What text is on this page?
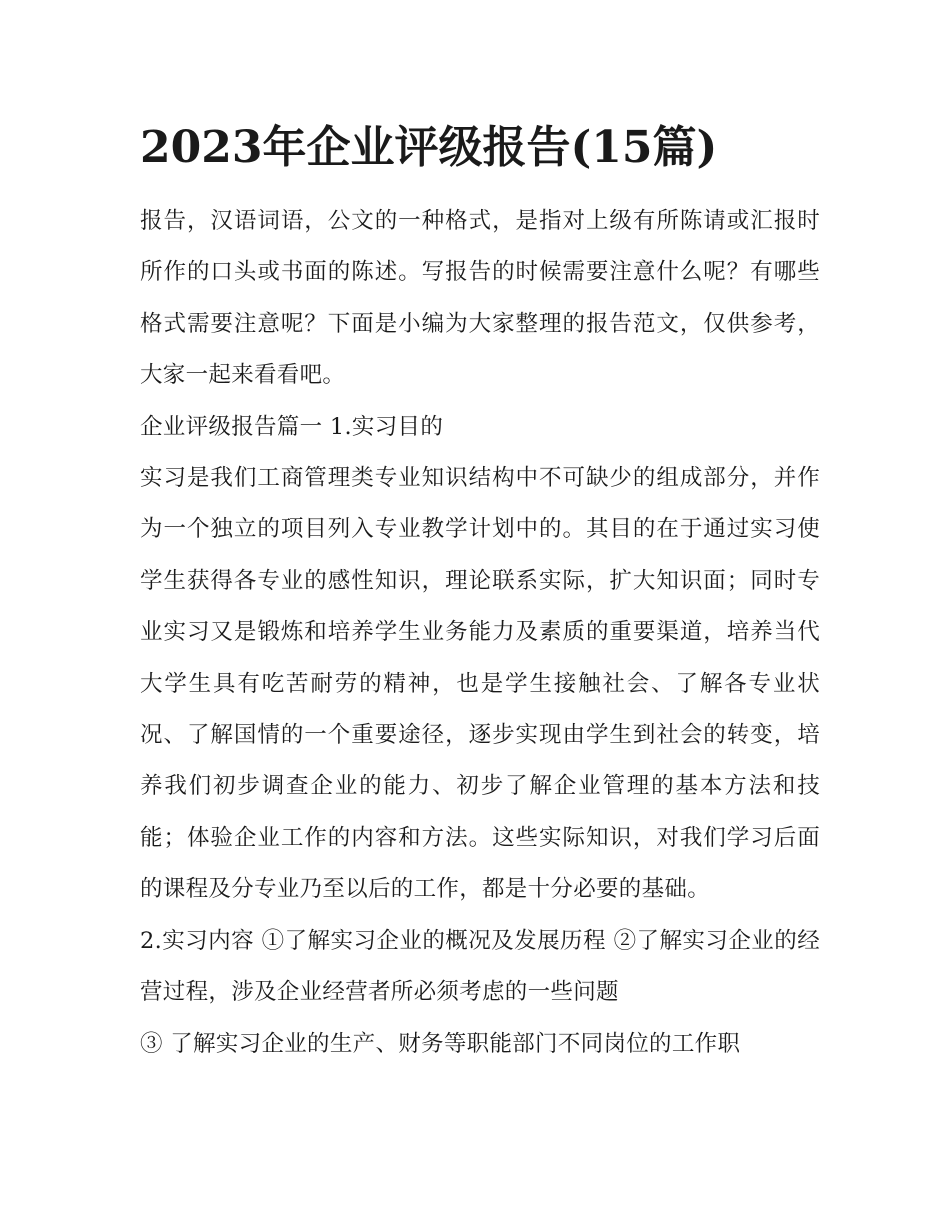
2023年企业评级报告(15篇)

报告，汉语词语，公文的一种格式，是指对上级有所陈请或汇报时所作的口头或书面的陈述。写报告的时候需要注意什么呢？有哪些格式需要注意呢？下面是小编为大家整理的报告范文，仅供参考，大家一起来看看吧。

企业评级报告篇一 1.实习目的

实习是我们工商管理类专业知识结构中不可缺少的组成部分，并作为一个独立的项目列入专业教学计划中的。其目的在于通过实习使学生获得各专业的感性知识，理论联系实际，扩大知识面；同时专业实习又是锻炼和培养学生业务能力及素质的重要渠道，培养当代大学生具有吃苦耐劳的精神，也是学生接触社会、了解各专业状况、了解国情的一个重要途径，逐步实现由学生到社会的转变，培养我们初步调查企业的能力、初步了解企业管理的基本方法和技能；体验企业工作的内容和方法。这些实际知识，对我们学习后面的课程及分专业乃至以后的工作，都是十分必要的基础。

2.实习内容 ①了解实习企业的概况及发展历程 ②了解实习企业的经营过程，涉及企业经营者所必须考虑的一些问题

③ 了解实习企业的生产、财务等职能部门不同岗位的工作职
